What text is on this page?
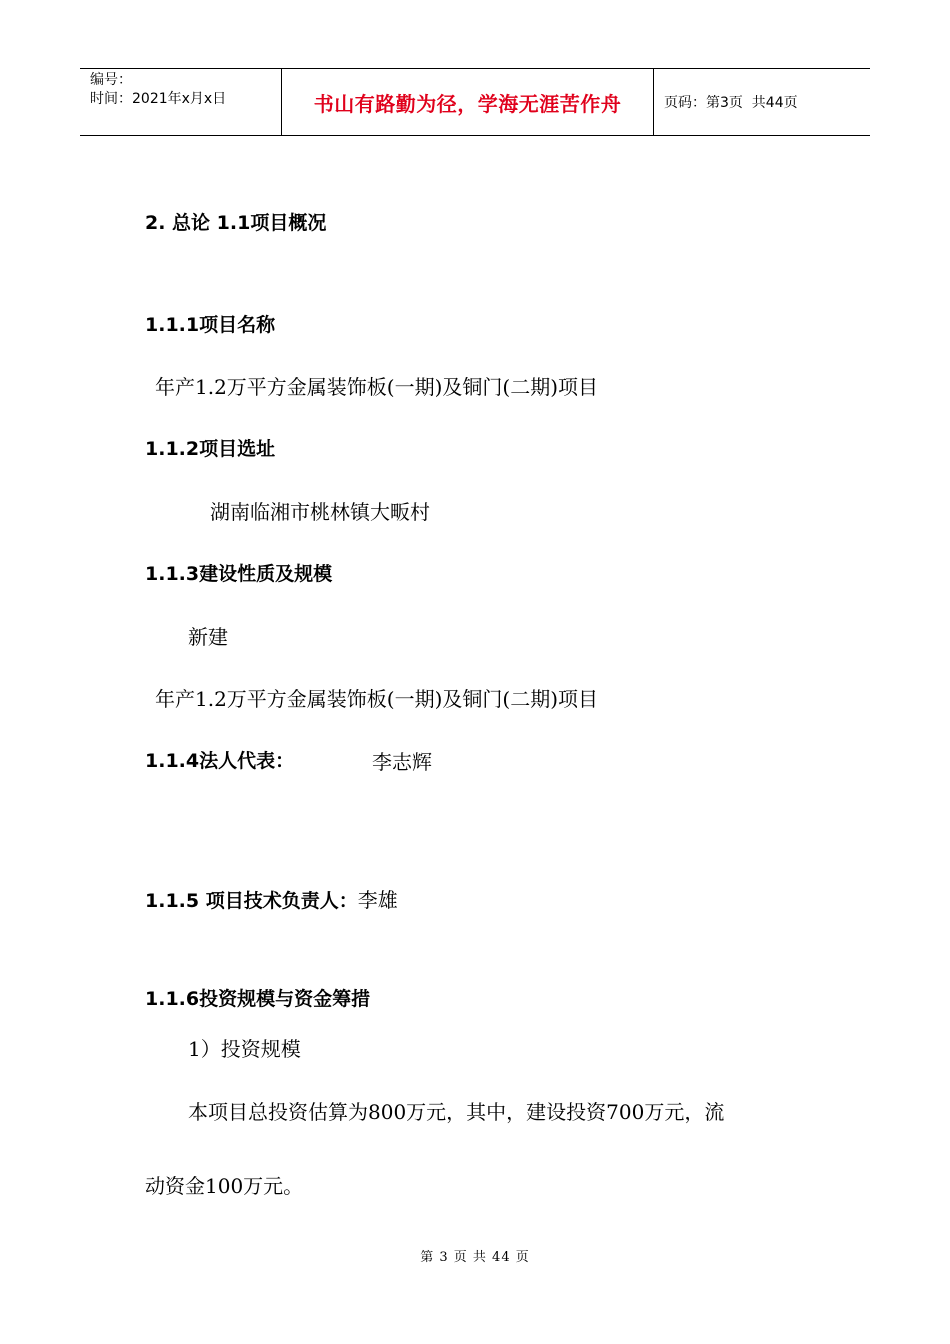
编号：
时间：2021年x月x日	书山有路勤为径，学海无涯苦作舟	页码：第3页  共44页
2. 总论 1.1项目概况
1.1.1项目名称
年产1.2万平方金属装饰板(一期)及铜门(二期)项目
1.1.2项目选址
湖南临湘市桃林镇大畈村
1.1.3建设性质及规模
新建
年产1.2万平方金属装饰板(一期)及铜门(二期)项目
1.1.4法人代表：	李志辉
1.1.5 项目技术负责人：李雄
1.1.6投资规模与资金筹措
1）投资规模
本项目总投资估算为800万元，其中，建设投资700万元，流
动资金100万元。
第 3 页 共 44 页
